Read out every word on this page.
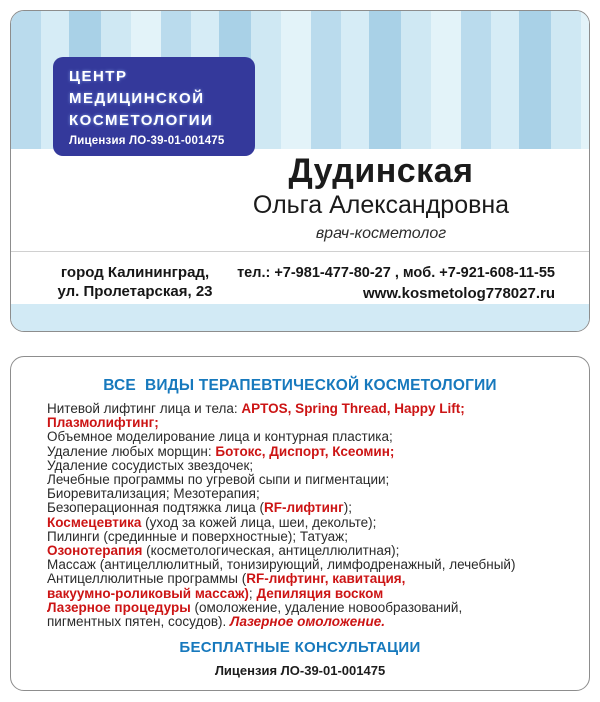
ЦЕНТР
МЕДИЦИНСКОЙ
КОСМЕТОЛОГИИ
Лицензия ЛО-39-01-001475
Дудинская
Ольга Александровна
врач-косметолог
город Калининград,
ул. Пролетарская, 23
тел.: +7-981-477-80-27 , моб. +7-921-608-11-55
www.kosmetolog778027.ru
ВСЕ  ВИДЫ ТЕРАПЕВТИЧЕСКОЙ КОСМЕТОЛОГИИ
Нитевой лифтинг лица и тела: APTOS, Spring Thread, Happy Lift;
Плазмолифтинг;
Объемное моделирование лица и контурная пластика;
Удаление любых морщин: Ботокс, Диспорт, Ксеомин;
Удаление сосудистых звездочек;
Лечебные программы по угревой сыпи и пигментации;
Биоревитализация; Мезотерапия;
Безоперационная подтяжка лица (RF-лифтинг);
Космецевтика (уход за кожей лица, шеи, декольте);
Пилинги (срединные и поверхностные); Татуаж;
Озонотерапия (косметологическая, антицеллюлитная);
Массаж (антицеллюлитный, тонизирующий, лимфодренажный, лечебный)
Антицеллюлитные программы (RF-лифтинг, кавитация,
вакуумно-роликовый массаж); Депиляция воском
Лазерное процедуры (омоложение, удаление новообразований,
пигментных пятен, сосудов). Лазерное омоложение.
БЕСПЛАТНЫЕ КОНСУЛЬТАЦИИ
Лицензия ЛО-39-01-001475
